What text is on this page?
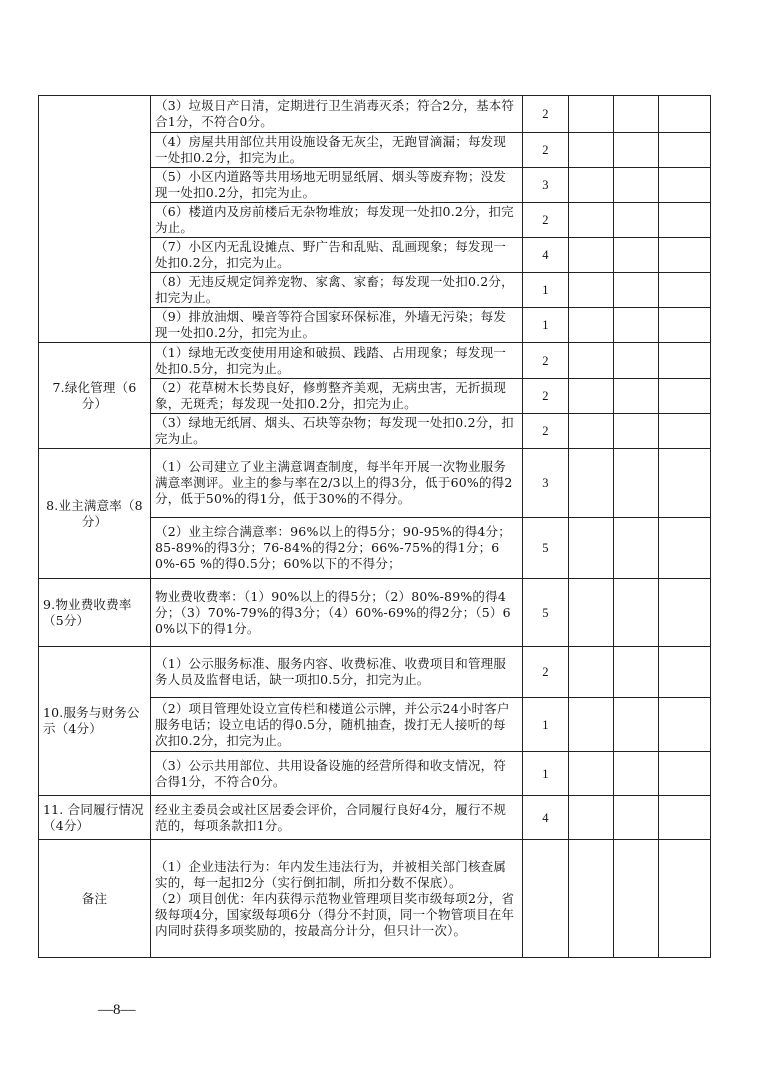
	（3）垃圾日产日清，定期进行卫生消毒灭杀；符合2分，基本符合1分，不符合0分。	2			
	（4）房屋共用部位共用设施设备无灰尘，无跑冒滴漏；每发现一处扣0.2分，扣完为止。	2			
	（5）小区内道路等共用场地无明显纸屑、烟头等废弃物；没发现一处扣0.2分，扣完为止。	3			
	（6）楼道内及房前楼后无杂物堆放；每发现一处扣0.2分，扣完为止。	2			
	（7）小区内无乱设摊点、野广告和乱贴、乱画现象；每发现一处扣0.2分，扣完为止。	4			
	（8）无违反规定饲养宠物、家禽、家畜；每发现一处扣0.2分，扣完为止。	1			
	（9）排放油烟、噪音等符合国家环保标准，外墙无污染；每发现一处扣0.2分，扣完为止。	1			
7.绿化管理（6分）	（1）绿地无改变使用用途和破损、践踏、占用现象；每发现一处扣0.5分，扣完为止。	2			
	（2）花草树木长势良好，修剪整齐美观，无病虫害，无折损现象，无斑秃；每发现一处扣0.2分，扣完为止。	2			
	（3）绿地无纸屑、烟头、石块等杂物；每发现一处扣0.2分，扣完为止。	2			
8.业主满意率（8分）	（1）公司建立了业主满意调查制度，每半年开展一次物业服务满意率测评。业主的参与率在2/3以上的得3分，低于60%的得2分，低于50%的得1分，低于30%的不得分。	3			
	（2）业主综合满意率：96%以上的得5分；90-95%的得4分；85-89%的得3分；76-84%的得2分；66%-75%的得1分；60%-65 %的得0.5分；60%以下的不得分；	5			
9.物业费收费率（5分）	物业费收费率：（1）90%以上的得5分；（2）80%-89%的得4分；（3）70%-79%的得3分；（4）60%-69%的得2分；（5）60%以下的得1分。	5			
10.服务与财务公示（4分）	（1）公示服务标准、服务内容、收费标准、收费项目和管理服务人员及监督电话，缺一项扣0.5分，扣完为止。	2			
	（2）项目管理处设立宣传栏和楼道公示牌，并公示24小时客户服务电话；设立电话的得0.5分，随机抽查，拨打无人接听的每次扣0.2分，扣完为止。	1			
	（3）公示共用部位、共用设备设施的经营所得和收支情况，符合得1分，不符合0分。	1			
11. 合同履行情况（4分）	经业主委员会或社区居委会评价，合同履行良好4分，履行不规范的，每项条款扣1分。	4			
备注	（1）企业违法行为：年内发生违法行为，并被相关部门核查属实的，每一起扣2分（实行倒扣制，所扣分数不保底）。
（2）项目创优：年内获得示范物业管理项目奖市级每项2分，省级每项4分，国家级每项6分（得分不封顶，同一个物管项目在年内同时获得多项奖励的，按最高分计分，但只计一次）。				

—8—
